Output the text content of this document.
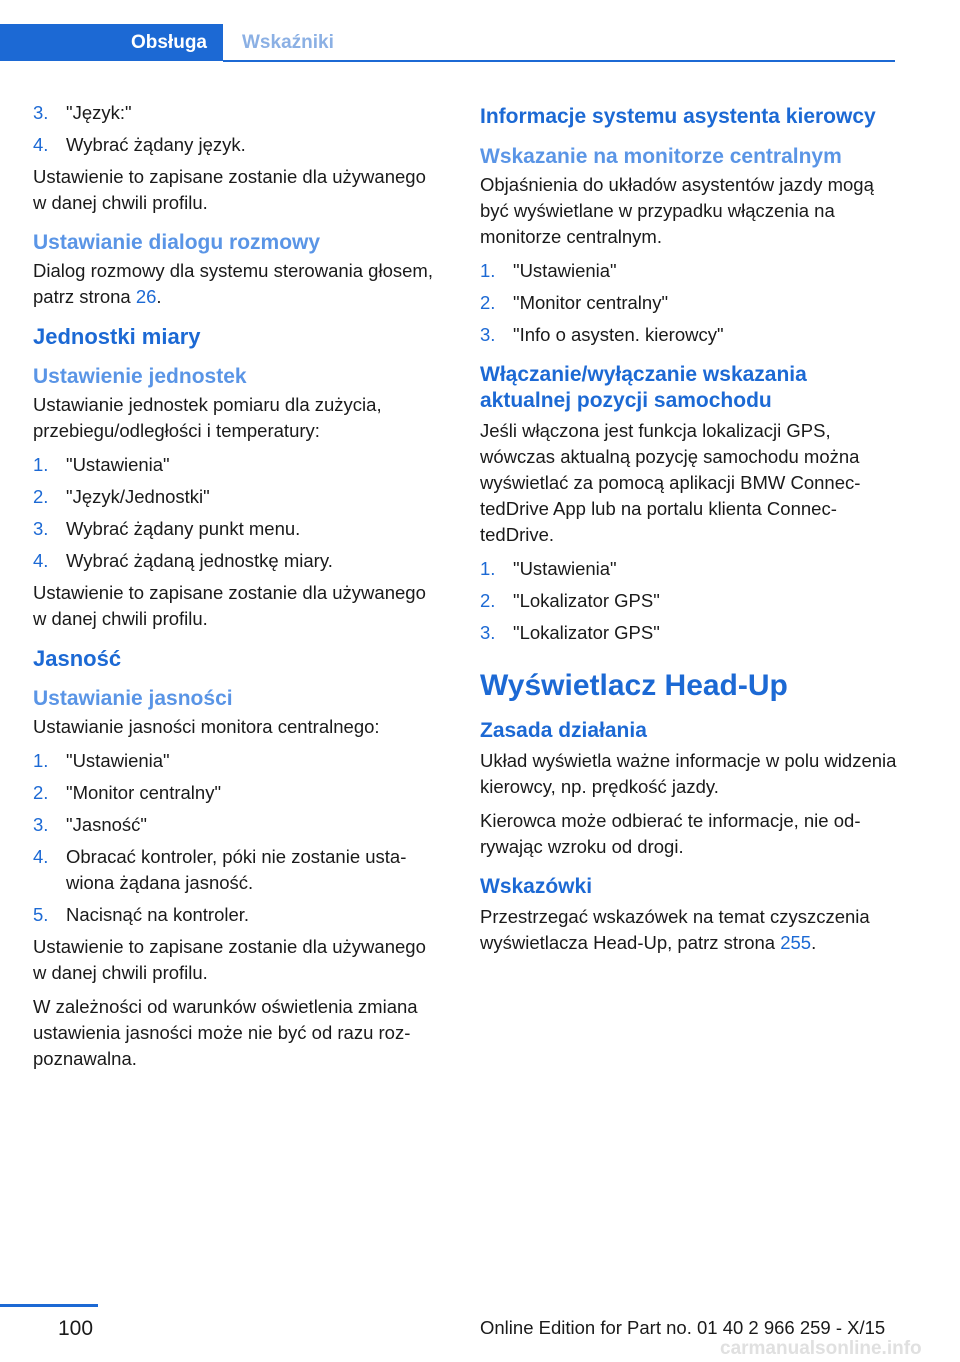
Obsługa	Wskaźniki
3. "Język:"
4. Wybrać żądany język.

Ustawienie to zapisane zostanie dla używanego w danej chwili profilu.

Ustawianie dialogu rozmowy

Dialog rozmowy dla systemu sterowania głosem, patrz strona 26.

Jednostki miary
Ustawienie jednostek

Ustawianie jednostek pomiaru dla zużycia, przebiegu/odległości i temperatury:

1. "Ustawienia"
2. "Język/Jednostki"
3. Wybrać żądany punkt menu.
4. Wybrać żądaną jednostkę miary.

Ustawienie to zapisane zostanie dla używanego w danej chwili profilu.

Jasność
Ustawianie jasności

Ustawianie jasności monitora centralnego:

1. "Ustawienia"
2. "Monitor centralny"
3. "Jasność"
4. Obracać kontroler, póki nie zostanie ustawiona żądana jasność.
5. Nacisnąć na kontroler.

Ustawienie to zapisane zostanie dla używanego w danej chwili profilu.

W zależności od warunków oświetlenia zmiana ustawienia jasności może nie być od razu rozpoznawalna.

Informacje systemu asystenta kierowcy
Wskazanie na monitorze centralnym

Objaśnienia do układów asystentów jazdy mogą być wyświetlane w przypadku włączenia na monitorze centralnym.

1. "Ustawienia"
2. "Monitor centralny"
3. "Info o asysten. kierowcy"
Włączanie/wyłączanie wskazania aktualnej pozycji samochodu

Jeśli włączona jest funkcja lokalizacji GPS, wówczas aktualną pozycję samochodu można wyświetlać za pomocą aplikacji BMW ConnectedDrive App lub na portalu klienta ConnectedDrive.

1. "Ustawienia"
2. "Lokalizator GPS"
3. "Lokalizator GPS"
Wyświetlacz Head-Up
Zasada działania

Układ wyświetla ważne informacje w polu widzenia kierowcy, np. prędkość jazdy.

Kierowca może odbierać te informacje, nie odrywając wzroku od drogi.

Wskazówki

Przestrzegać wskazówek na temat czyszczenia wyświetlacza Head-Up, patrz strona 255.

100	Online Edition for Part no. 01 40 2 966 259 - X/15
carmanualsonline.info
